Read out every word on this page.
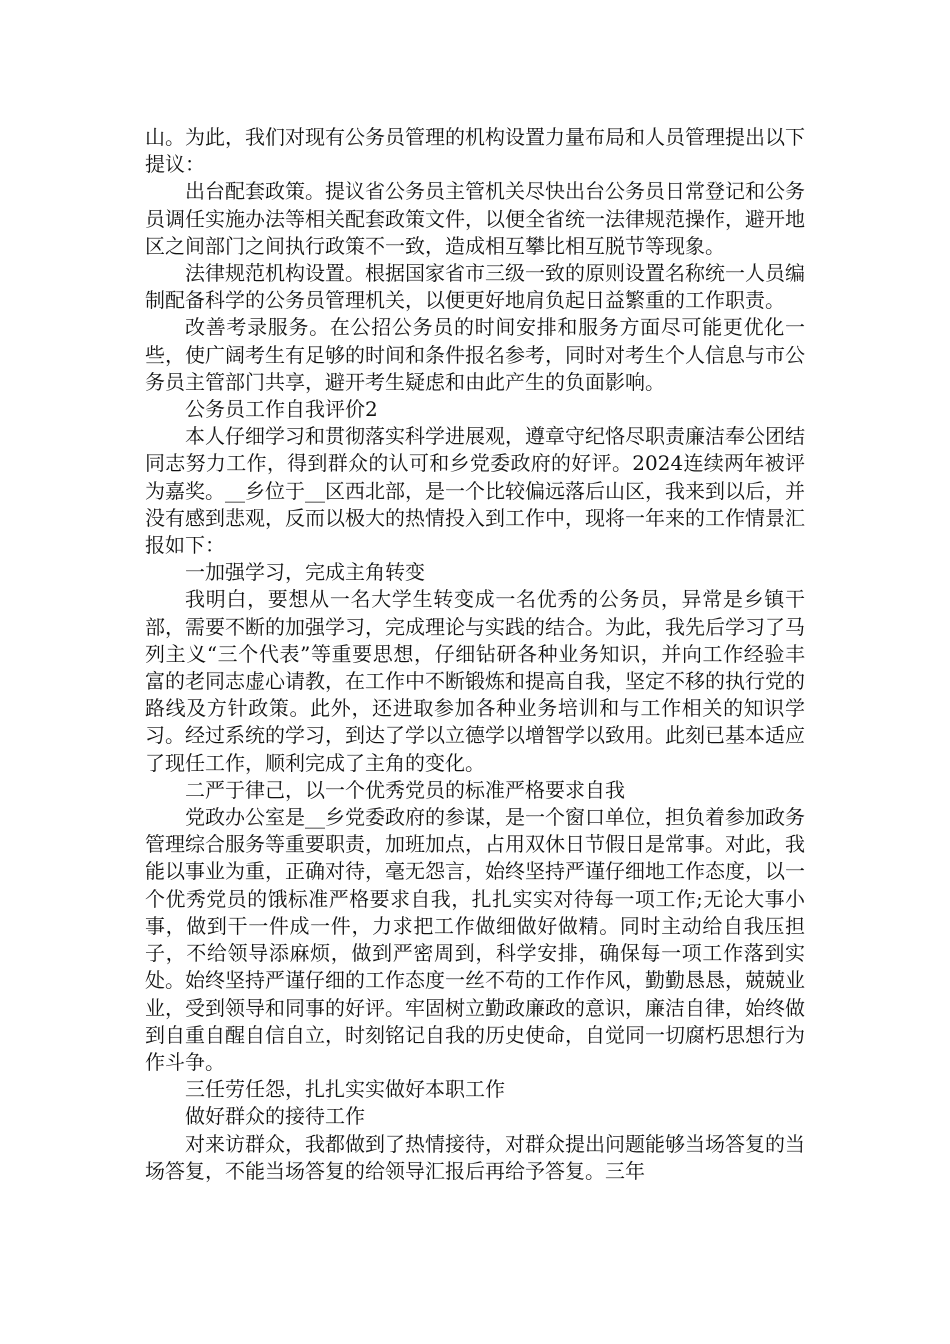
山。为此，我们对现有公务员管理的机构设置力量布局和人员管理提出以下提议：

出台配套政策。提议省公务员主管机关尽快出台公务员日常登记和公务员调任实施办法等相关配套政策文件，以便全省统一法律规范操作，避开地区之间部门之间执行政策不一致，造成相互攀比相互脱节等现象。

法律规范机构设置。根据国家省市三级一致的原则设置名称统一人员编制配备科学的公务员管理机关，以便更好地肩负起日益繁重的工作职责。

改善考录服务。在公招公务员的时间安排和服务方面尽可能更优化一些，使广阔考生有足够的时间和条件报名参考，同时对考生个人信息与市公务员主管部门共享，避开考生疑虑和由此产生的负面影响。

公务员工作自我评价2

本人仔细学习和贯彻落实科学进展观，遵章守纪恪尽职责廉洁奉公团结同志努力工作，得到群众的认可和乡党委政府的好评。2024连续两年被评为嘉奖。__乡位于__区西北部，是一个比较偏远落后山区，我来到以后，并没有感到悲观，反而以极大的热情投入到工作中，现将一年来的工作情景汇报如下：

一加强学习，完成主角转变

我明白，要想从一名大学生转变成一名优秀的公务员，异常是乡镇干部，需要不断的加强学习，完成理论与实践的结合。为此，我先后学习了马列主义“三个代表”等重要思想，仔细钻研各种业务知识，并向工作经验丰富的老同志虚心请教，在工作中不断锻炼和提高自我，坚定不移的执行党的路线及方针政策。此外，还进取参加各种业务培训和与工作相关的知识学习。经过系统的学习，到达了学以立德学以增智学以致用。此刻已基本适应了现任工作，顺利完成了主角的变化。

二严于律己，以一个优秀党员的标准严格要求自我

党政办公室是__乡党委政府的参谋，是一个窗口单位，担负着参加政务管理综合服务等重要职责，加班加点，占用双休日节假日是常事。对此，我能以事业为重，正确对待，毫无怨言，始终坚持严谨仔细地工作态度，以一个优秀党员的饿标准严格要求自我，扎扎实实对待每一项工作;无论大事小事，做到干一件成一件，力求把工作做细做好做精。同时主动给自我压担子，不给领导添麻烦，做到严密周到，科学安排，确保每一项工作落到实处。始终坚持严谨仔细的工作态度一丝不苟的工作作风，勤勤恳恳，兢兢业业，受到领导和同事的好评。牢固树立勤政廉政的意识，廉洁自律，始终做到自重自醒自信自立，时刻铭记自我的历史使命，自觉同一切腐朽思想行为作斗争。

三任劳任怨，扎扎实实做好本职工作

做好群众的接待工作

对来访群众，我都做到了热情接待，对群众提出问题能够当场答复的当场答复，不能当场答复的给领导汇报后再给予答复。三年
